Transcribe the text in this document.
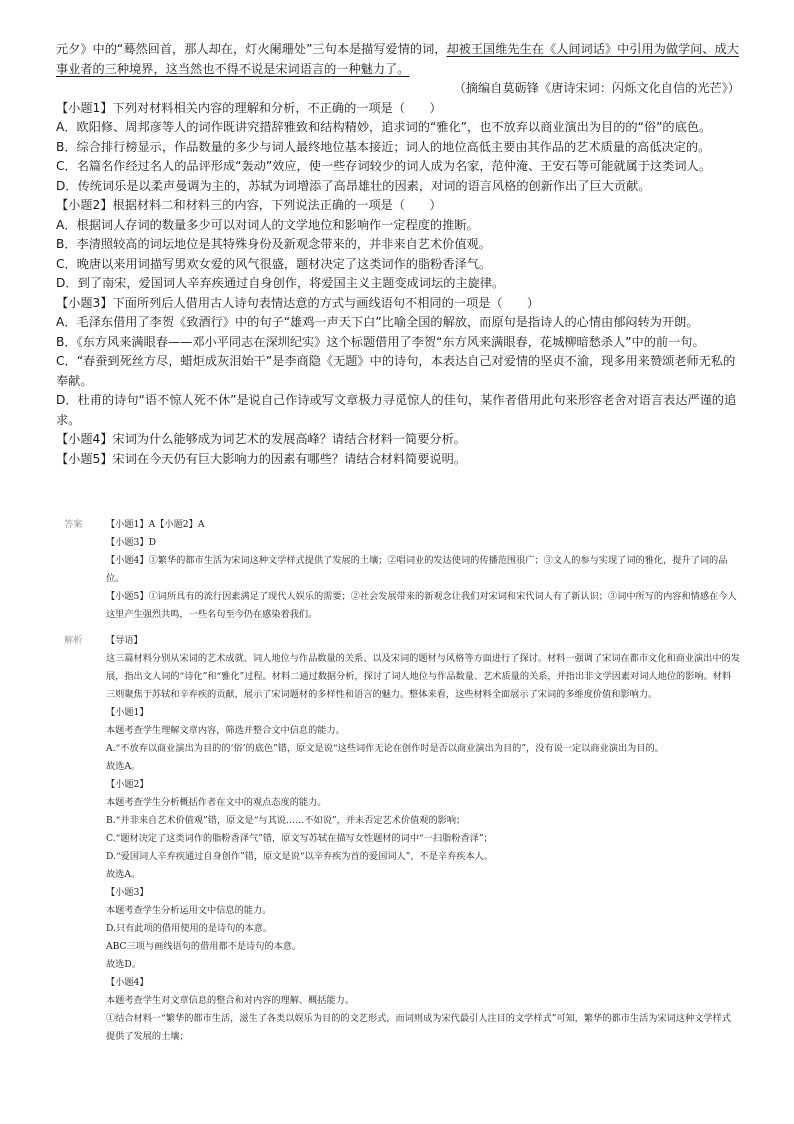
元夕》中的“蓦然回首，那人却在，灯火阑珊处”三句本是描写爱情的词，却被王国维先生在《人间词话》中引用为做学问、成大

事业者的三种境界，这当然也不得不说是宋词语言的一种魅力了。

（摘编自莫砺锋《唐诗宋词：闪烁文化自信的光芒》）

【小题1】下列对材料相关内容的理解和分析，不正确的一项是（　　）

A．欧阳修、周邦彦等人的词作既讲究措辞雅致和结构精妙，追求词的“雅化”，也不放弃以商业演出为目的的“俗”的底色。

B．综合排行榜显示，作品数量的多少与词人最终地位基本接近；词人的地位高低主要由其作品的艺术质量的高低决定的。

C．名篇名作经过名人的品评形成“轰动”效应，使一些存词较少的词人成为名家，范仲淹、王安石等可能就属于这类词人。

D．传统词乐是以柔声曼调为主的，苏轼为词增添了高昂雄壮的因素，对词的语言风格的创新作出了巨大贡献。

【小题2】根据材料二和材料三的内容，下列说法正确的一项是（　　）

A．根据词人存词的数量多少可以对词人的文学地位和影响作一定程度的推断。

B．李清照较高的词坛地位是其特殊身份及新观念带来的，并非来自艺术价值观。

C．晚唐以来用词描写男欢女爱的风气很盛，题材决定了这类词作的脂粉香泽气。

D．到了南宋，爱国词人辛弃疾通过自身创作，将爱国主义主题变成词坛的主旋律。

【小题3】下面所列后人借用古人诗句表情达意的方式与画线语句不相同的一项是（　　）

A．毛泽东借用了李贺《致酒行》中的句子“雄鸡一声天下白”比喻全国的解放，而原句是指诗人的心情由郁闷转为开朗。

B．《东方风来满眼春——邓小平同志在深圳纪实》这个标题借用了李贺“东方风来满眼春，花城柳暗愁杀人”中的前一句。

C．“春蚕到死丝方尽，蜡炬成灰泪始干”是李商隐《无题》中的诗句，本表达自己对爱情的坚贞不渝，现多用来赞颂老师无私的奉献。

D．杜甫的诗句“语不惊人死不休”是说自己作诗或写文章极力寻觅惊人的佳句，某作者借用此句来形容老舍对语言表达严谨的追求。

【小题4】宋词为什么能够成为词艺术的发展高峰？请结合材料一简要分析。

【小题5】宋词在今天仍有巨大影响力的因素有哪些？请结合材料简要说明。

答案	【小题1】A【小题2】A

【小题3】D

【小题4】①繁华的都市生活为宋词这种文学样式提供了发展的土壤；②唱词业的发达使词的传播范围很广；③文人的参与实现了词的雅化，提升了词的品位。

【小题5】①词所具有的流行因素满足了现代人娱乐的需要；②社会发展带来的新观念让我们对宋词和宋代词人有了新认识；③词中所写的内容和情感在今人这里产生强烈共鸣，一些名句至今仍在感染着我们。

解析	【导语】

这三篇材料分别从宋词的艺术成就、词人地位与作品数量的关系、以及宋词的题材与风格等方面进行了探讨。材料一强调了宋词在都市文化和商业演出中的发展，指出文人词的“诗化”和“雅化”过程。材料二通过数据分析，探讨了词人地位与作品数量、艺术质量的关系，并指出非文学因素对词人地位的影响。材料三则聚焦于苏轼和辛弃疾的贡献，展示了宋词题材的多样性和语言的魅力。整体来看，这些材料全面展示了宋词的多维度价值和影响力。

【小题1】

本题考查学生理解文章内容，筛选并整合文中信息的能力。

A.“不放弃以商业演出为目的的‘俗’的底色”错，原文是说“这些词作无论在创作时是否以商业演出为目的”，没有说一定以商业演出为目的。

故选A。

【小题2】

本题考查学生分析概括作者在文中的观点态度的能力。

B.“并非来自艺术价值观”错，原文是“与其说……不如说”，并未否定艺术价值观的影响；

C.“题材决定了这类词作的脂粉香泽气”错，原文写苏轼在描写女性题材的词中“一扫脂粉香泽”；

D.“爱国词人辛弃疾通过自身创作”错，原文是说“以辛弃疾为首的爱国词人”，不是辛弃疾本人。

故选A。

【小题3】

本题考查学生分析运用文中信息的能力。

D.只有此项的借用使用的是诗句的本意。

ABC三项与画线语句的借用都不是诗句的本意。

故选D。

【小题4】

本题考查学生对文章信息的整合和对内容的理解、概括能力。

①结合材料一“繁华的都市生活，滋生了各类以娱乐为目的的文艺形式，而词则成为宋代最引人注目的文学样式”可知，繁华的都市生活为宋词这种文学样式提供了发展的土壤；
